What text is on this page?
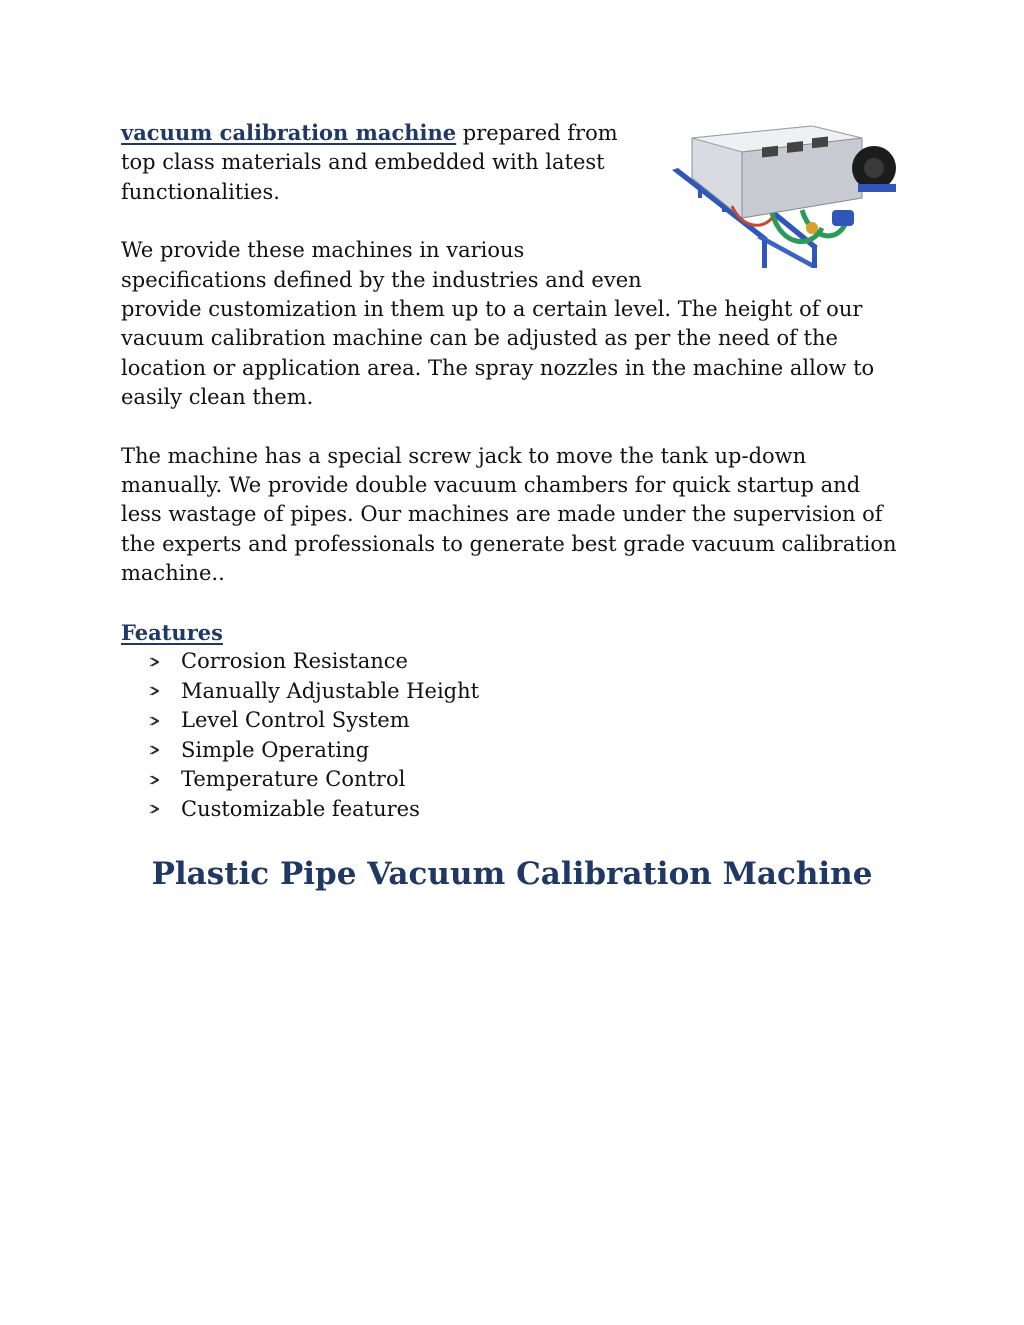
vacuum calibration machine prepared from top class materials and embedded with latest functionalities.

We provide these machines in various specifications defined by the industries and even

provide customization in them up to a certain level. The height of our vacuum calibration machine can be adjusted as per the need of the location or application area. The spray nozzles in the machine allow to easily clean them.

The machine has a special screw jack to move the tank up-down manually. We provide double vacuum chambers for quick startup and less wastage of pipes. Our machines are made under the supervision of the experts and professionals to generate best grade vacuum calibration machine..

Features

Corrosion Resistance
Manually Adjustable Height
Level Control System
Simple Operating
Temperature Control
Customizable features
Plastic Pipe Vacuum Calibration Machine
